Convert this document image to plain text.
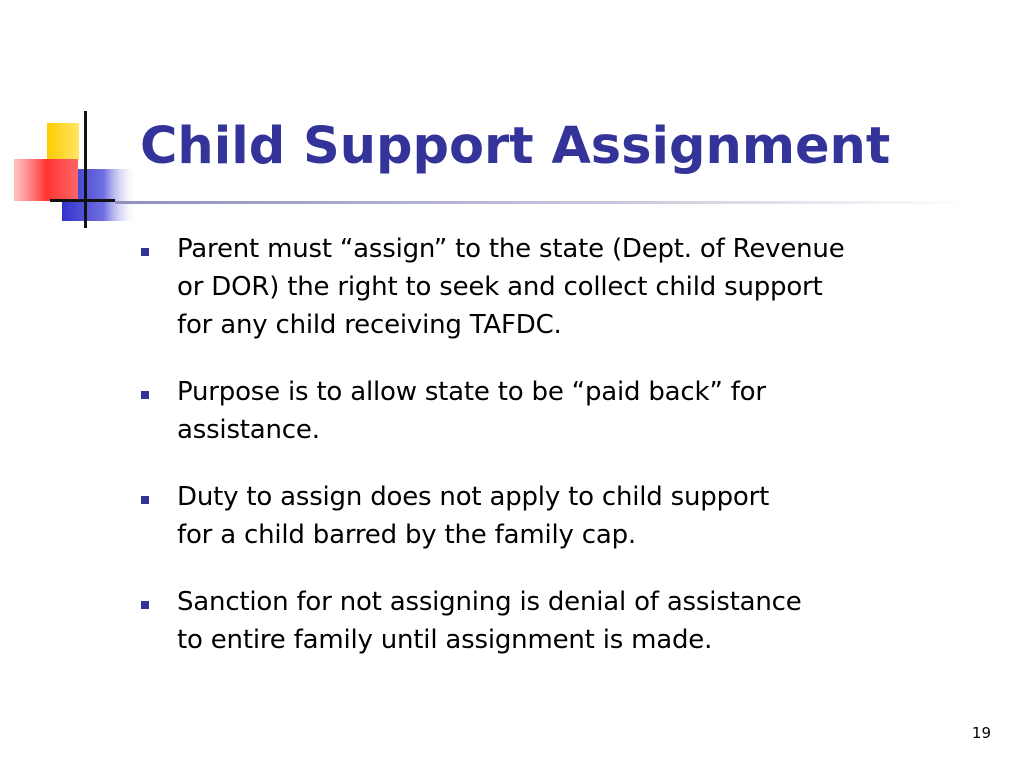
Child Support Assignment
Parent must “assign” to the state (Dept. of Revenue
or DOR) the right to seek and collect child support
for any child receiving TAFDC.
Purpose is to allow state to be “paid back” for
assistance.
Duty to assign does not apply to child support
for a child barred by the family cap.
Sanction for not assigning is denial of assistance
to entire family until assignment is made.
19
